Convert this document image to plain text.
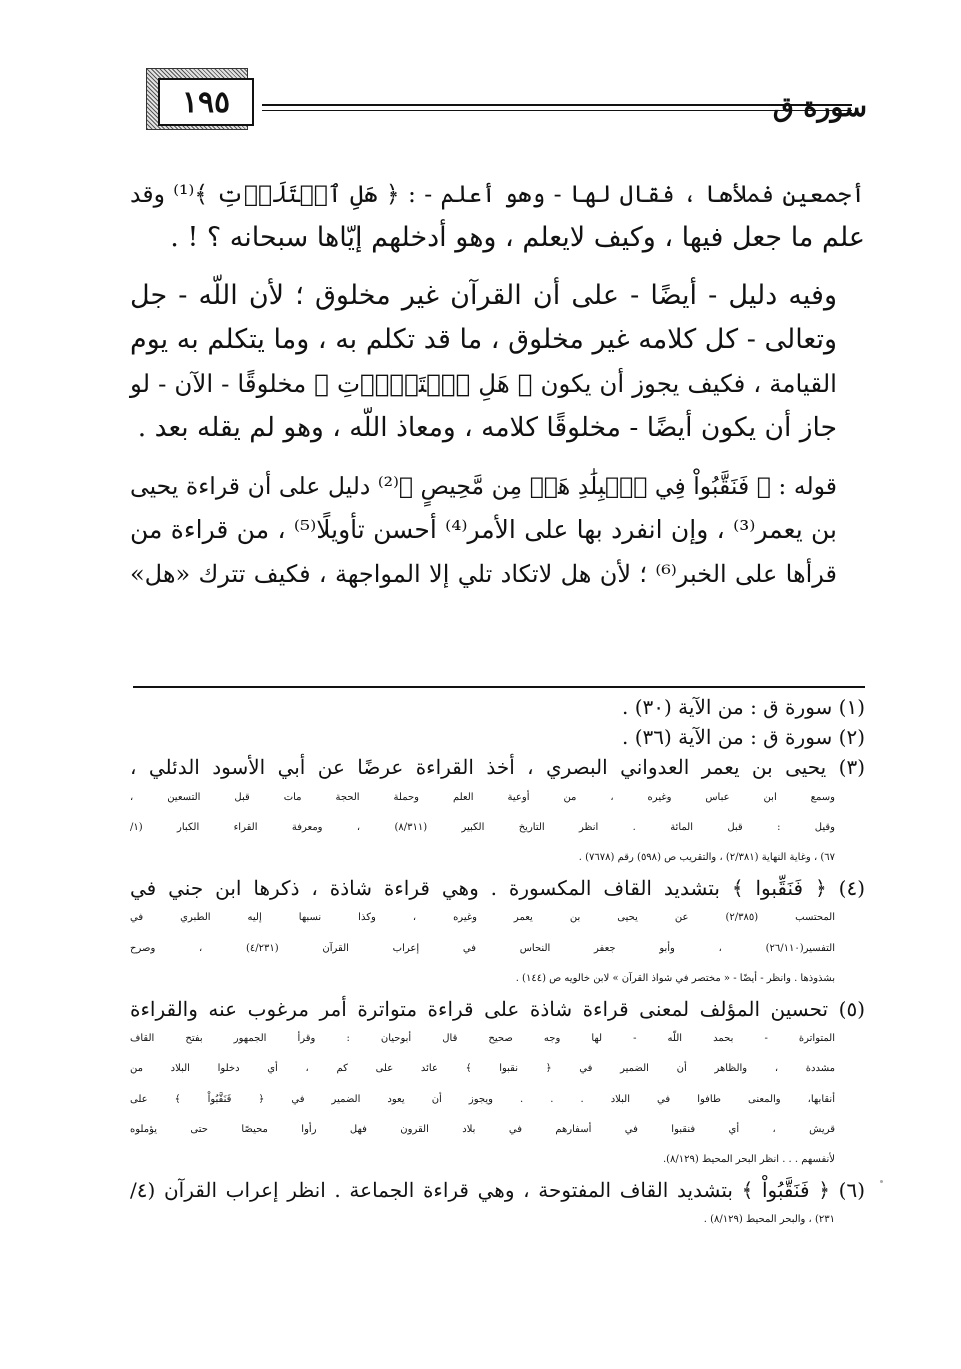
١٩٥	سورة ق

أجمعين فملأها ، فقال لها - وهو أعلم - : ﴿ هَلِ ٱمۡتَلَأۡتِ ﴾⁽¹⁾ وقد
علم ما جعل فيها ، وكيف لايعلم ، وهو أدخلهم إيّاها سبحانه ؟ ! .

وفيه دليل - أيضًا - على أن القرآن غير مخلوق ؛ لأن اللّه - جل
وتعالى - كل كلامه غير مخلوق ، ما قد تكلم به ، وما يتكلم به يوم
القيامة ، فكيف يجوز أن يكون ﴿ هَلِ ٱمۡتَلَأۡتِ ﴾ مخلوقًا - الآن - لو
جاز أن يكون أيضًا - مخلوقًا كلامه ، ومعاذ اللّه ، وهو لم يقله بعد .

قوله : ﴿ فَنَقَّبُواْ فِي ٱلۡبِلَٰدِ هَلۡ مِن مَّحِيصٍ ﴾⁽²⁾ دليل على أن قراءة يحيى
بن يعمر⁽³⁾ ، وإن انفرد بها على الأمر⁽⁴⁾ أحسن تأويلًا⁽⁵⁾ ، من قراءة من
قرأها على الخبر⁽⁶⁾ ؛ لأن هل لاتكاد تلي إلا المواجهة ، فكيف تترك «هل»

(١) سورة ق : من الآية (٣٠) .
(٢) سورة ق : من الآية (٣٦) .
(٣) يحيى بن يعمر العدواني البصري ، أخذ القراءة عرضًا عن أبي الأسود الدئلي ،
وسمع ابن عباس وغيره ، من أوعية العلم وحملة الحجة مات قبل التسعين ،
وقيل : قبل المائة . انظر التاريخ الكبير (٨/٣١١) ، ومعرفة القراء الكبار (١/
٦٧) ، وغاية النهاية (٢/٣٨١) ، والتقريب ص (٥٩٨) رقم (٧٦٧٨) .
(٤) ﴿ فَنَقِّبوا ﴾ بتشديد القاف المكسورة . وهي قراءة شاذة ، ذكرها ابن جني في
المحتسب (٢/٣٨٥) عن يحيى بن يعمر وغيره ، وكذا نسبها إليه الطبري في
التفسير(٢٦/١١٠) ، وأبو جعفر النحاس في إعراب القرآن (٤/٢٣١) ، وصرح
بشذوذها . وانظر - أيضًا - « مختصر في شواذ القرآن » لابن خالويه ص (١٤٤) .
(٥) تحسين المؤلف لمعنى قراءة شاذة على قراءة متواترة أمر مرغوب عنه والقراءة
المتواترة - بحمد اللّه - لها وجه صحيح قال أبوحيان : وقرأ الجمهور بفتح القاف
مشددة ، والظاهر أن الضمير في ﴿ نقبوا ﴾ عائد على كم ، أي دخلوا البلاد من
أنقابها، والمعنى طافوا في البلاد . . . ويجوز أن يعود الضمير في ﴿ فَنَقَّبُواْ ﴾ على
قريش ، أي فنقبوا في أسفارهم في بلاد القرون فهل رأوا محيصًا حتى يؤملوه
لأنفسهم . . . انظر البحر المحيط (٨/١٢٩).
(٦) ﴿ فَنَقَّبُواْ ﴾ بتشديد القاف المفتوحة ، وهي قراءة الجماعة . انظر إعراب القرآن (٤/
٢٣١) ، والبحر المحيط (٨/١٢٩) .
